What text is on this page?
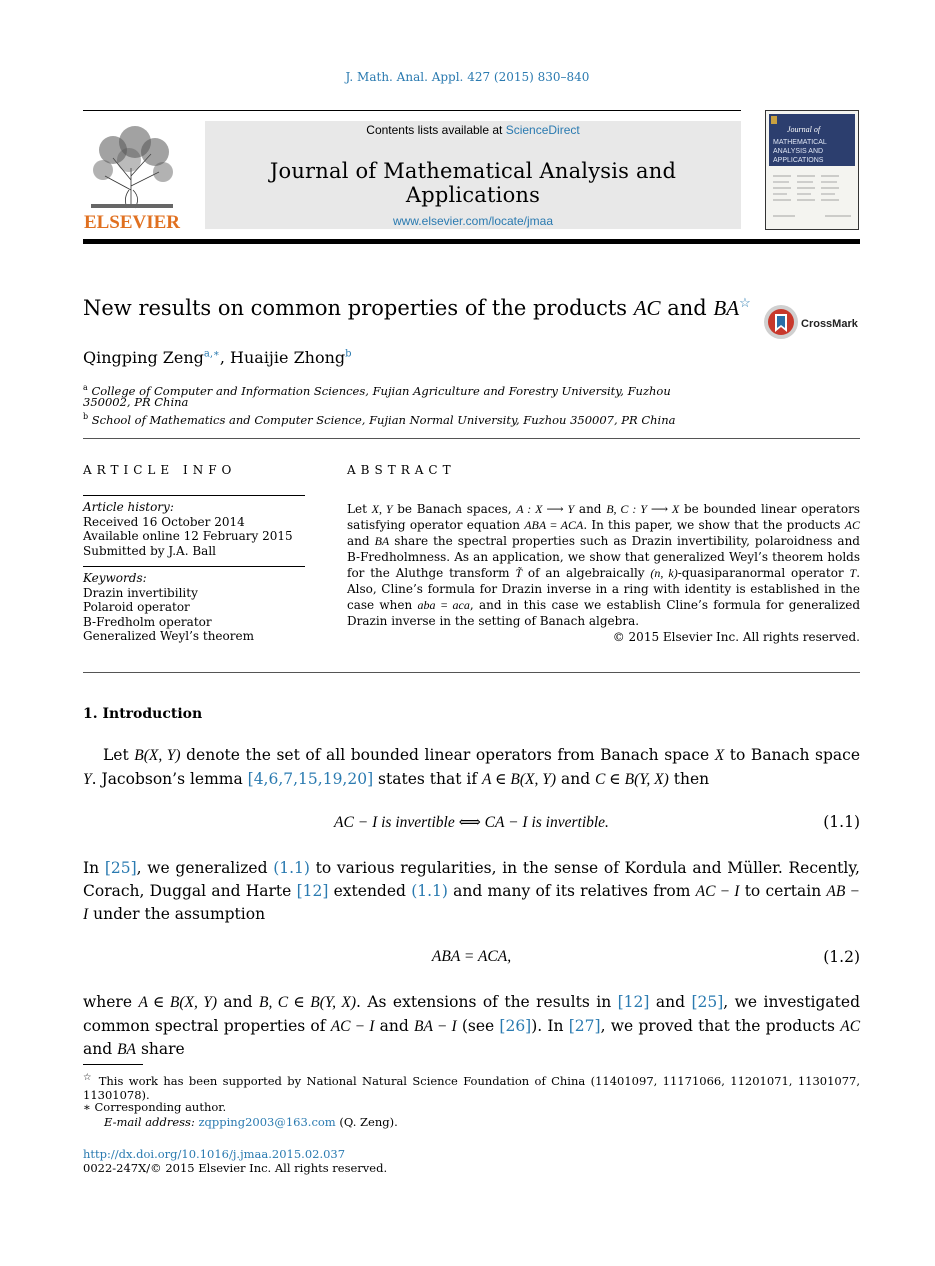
J. Math. Anal. Appl. 427 (2015) 830–840
ELSEVIER
Contents lists available at ScienceDirect
Journal of Mathematical Analysis and Applications
www.elsevier.com/locate/jmaa
Journal of
MATHEMATICAL
ANALYSIS AND
APPLICATIONS
New results on common properties of the products AC and BA☆
CrossMark
Qingping Zeng$^{a,∗}$, Huaijie Zhong$^b$
$^a$ College of Computer and Information Sciences, Fujian Agriculture and Forestry University, Fuzhou
350002, PR China
$^b$ School of Mathematics and Computer Science, Fujian Normal University, Fuzhou 350007, PR China
ARTICLE INFO
Article history:
Received 16 October 2014
Available online 12 February 2015
Submitted by J.A. Ball
Keywords:
Drazin invertibility
Polaroid operator
B-Fredholm operator
Generalized Weyl’s theorem
ABSTRACT
Let X, Y be Banach spaces, A : X ⟶ Y and B, C : Y ⟶ X be bounded linear operators satisfying operator equation ABA = ACA. In this paper, we show that the products AC and BA share the spectral properties such as Drazin invertibility, polaroidness and B-Fredholmness. As an application, we show that generalized Weyl’s theorem holds for the Aluthge transform T̃ of an algebraically (n, k)-quasiparanormal operator T. Also, Cline’s formula for Drazin inverse in a ring with identity is established in the case when aba = aca, and in this case we establish Cline’s formula for generalized Drazin inverse in the setting of Banach algebra.
© 2015 Elsevier Inc. All rights reserved.
1. Introduction
Let B(X, Y) denote the set of all bounded linear operators from Banach space X to Banach space Y. Jacobson’s lemma [4,6,7,15,19,20] states that if A ∈ B(X, Y) and C ∈ B(Y, X) then
AC − I is invertible ⟺ CA − I is invertible.	(1.1)
In [25], we generalized (1.1) to various regularities, in the sense of Kordula and Müller. Recently, Corach, Duggal and Harte [12] extended (1.1) and many of its relatives from AC − I to certain AB − I under the assumption
ABA = ACA,	(1.2)
where A ∈ B(X, Y) and B, C ∈ B(Y, X). As extensions of the results in [12] and [25], we investigated common spectral properties of AC − I and BA − I (see [26]). In [27], we proved that the products AC and BA share
☆ This work has been supported by National Natural Science Foundation of China (11401097, 11171066, 11201071, 11301077, 11301078).
∗ Corresponding author.
E-mail address: zqpping2003@163.com (Q. Zeng).
http://dx.doi.org/10.1016/j.jmaa.2015.02.037
0022-247X/© 2015 Elsevier Inc. All rights reserved.
